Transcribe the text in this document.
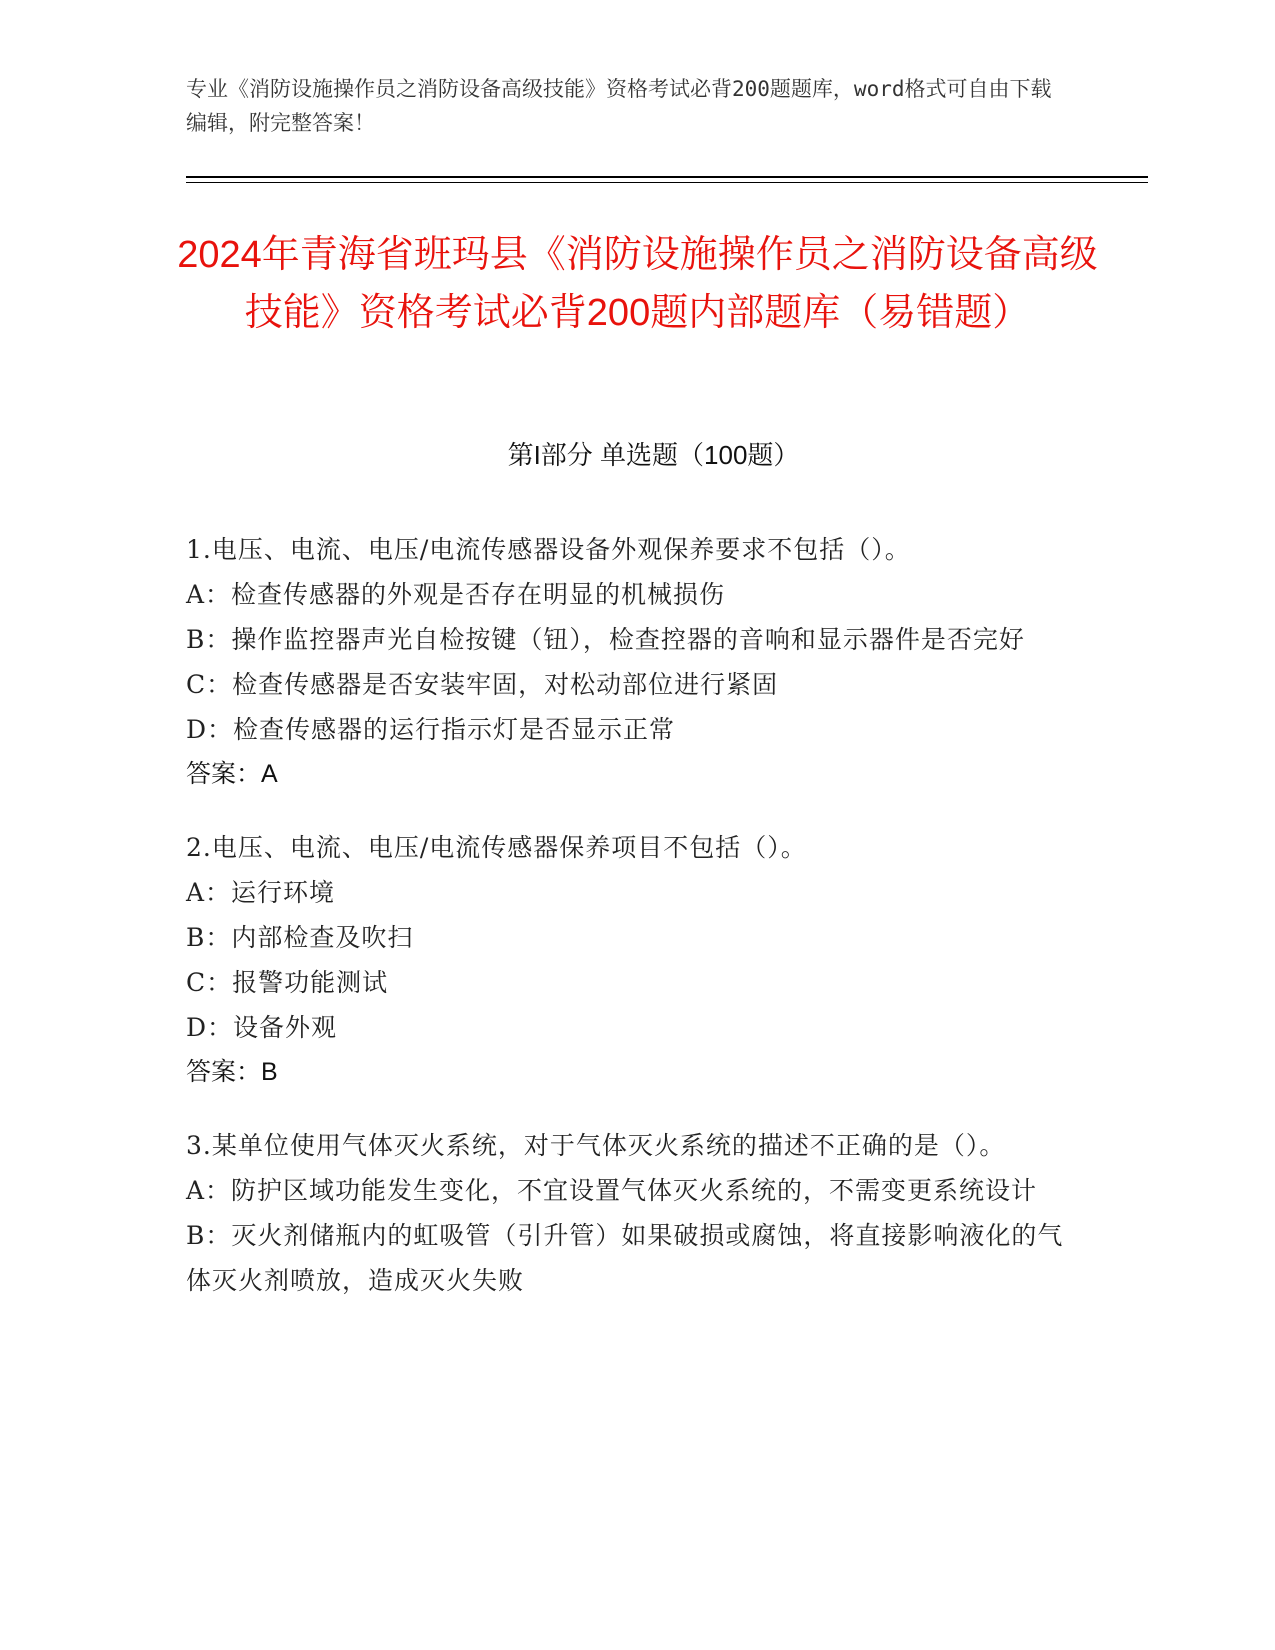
专业《消防设施操作员之消防设备高级技能》资格考试必背200题题库，word格式可自由下载编辑，附完整答案！
2024年青海省班玛县《消防设施操作员之消防设备高级技能》资格考试必背200题内部题库（易错题）
第I部分 单选题（100题）
1.电压、电流、电压/电流传感器设备外观保养要求不包括（）。
A：检查传感器的外观是否存在明显的机械损伤
B：操作监控器声光自检按键（钮），检查控器的音响和显示器件是否完好
C：检查传感器是否安装牢固，对松动部位进行紧固
D：检查传感器的运行指示灯是否显示正常
答案：A
2.电压、电流、电压/电流传感器保养项目不包括（）。
A：运行环境
B：内部检查及吹扫
C：报警功能测试
D：设备外观
答案：B
3.某单位使用气体灭火系统，对于气体灭火系统的描述不正确的是（）。
A：防护区域功能发生变化，不宜设置气体灭火系统的，不需变更系统设计
B：灭火剂储瓶内的虹吸管（引升管）如果破损或腐蚀，将直接影响液化的气体灭火剂喷放，造成灭火失败
